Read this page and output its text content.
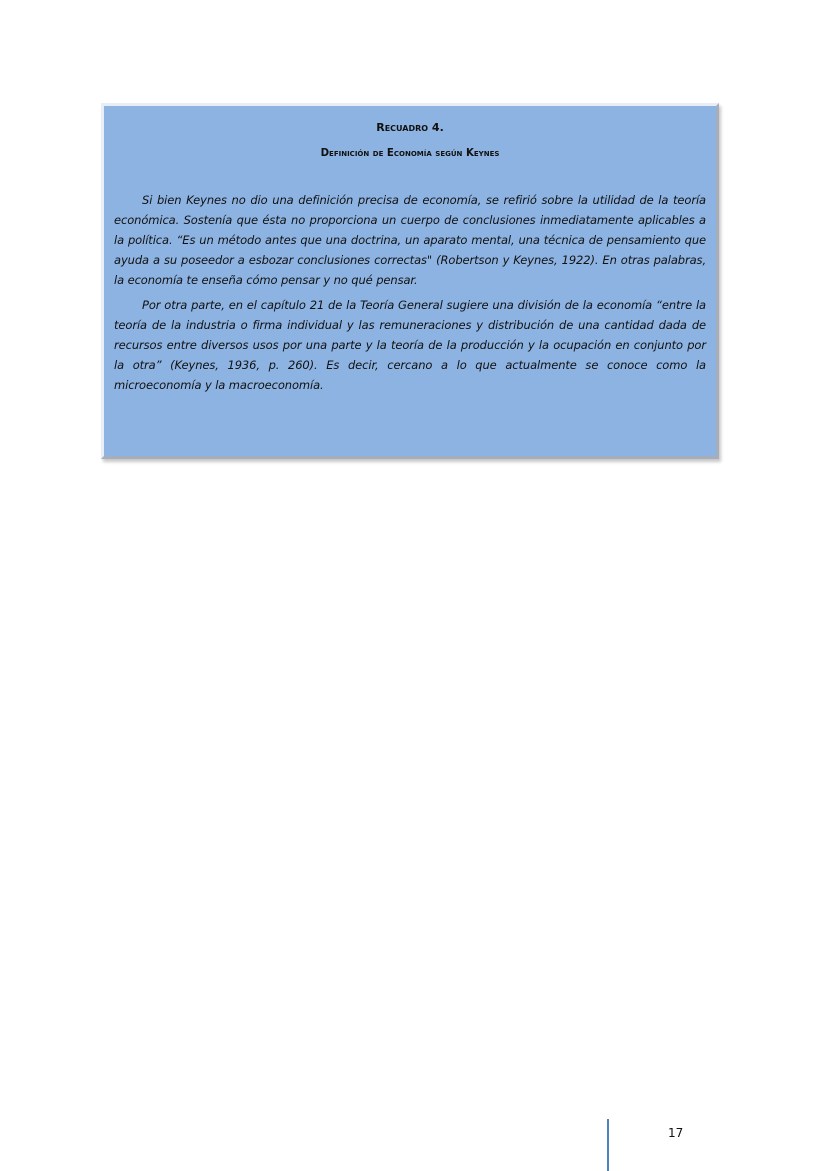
Recuadro 4.

Definición de Economía según Keynes

Si bien Keynes no dio una definición precisa de economía, se refirió sobre la utilidad de la teoría económica. Sostenía que ésta no proporciona un cuerpo de conclusiones inmediatamente aplicables a la política. “Es un método antes que una doctrina, un aparato mental, una técnica de pensamiento que ayuda a su poseedor a esbozar conclusiones correctas" (Robertson y Keynes, 1922). En otras palabras, la economía te enseña cómo pensar y no qué pensar.

Por otra parte, en el capítulo 21 de la Teoría General sugiere una división de la economía “entre la teoría de la industria o firma individual y las remuneraciones y distribución de una cantidad dada de recursos entre diversos usos por una parte y la teoría de la producción y la ocupación en conjunto por la otra” (Keynes, 1936, p. 260). Es decir, cercano a lo que actualmente se conoce como la microeconomía y la macroeconomía.

17
